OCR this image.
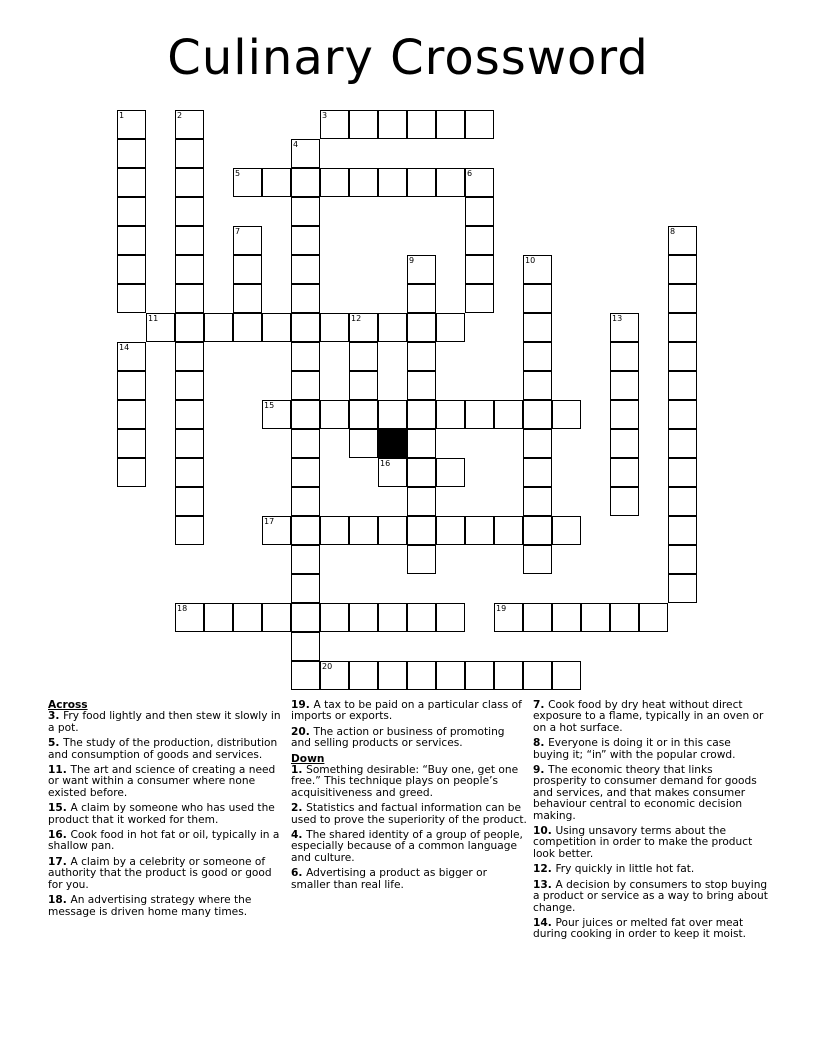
Culinary Crossword
3
5	6
11	12
15
16
17
18	19
20
1	2
4
7	8
9	10
13
14
Across
3. Fry food lightly and then stew it slowly in a pot.
5. The study of the production, distribution and consumption of goods and services.
11. The art and science of creating a need or want within a consumer where none existed before.
15. A claim by someone who has used the product that it worked for them.
16. Cook food in hot fat or oil, typically in a shallow pan.
17. A claim by a celebrity or someone of authority that the product is good or good for you.
18. An advertising strategy where the message is driven home many times.
19. A tax to be paid on a particular class of imports or exports.
20. The action or business of promoting and selling products or services.
Down
1. Something desirable: “Buy one, get one free.” This technique plays on people’s acquisitiveness and greed.
2. Statistics and factual information can be used to prove the superiority of the product.
4. The shared identity of a group of people, especially because of a common language and culture.
6. Advertising a product as bigger or smaller than real life.
7. Cook food by dry heat without direct exposure to a flame, typically in an oven or on a hot surface.
8. Everyone is doing it or in this case buying it; “in” with the popular crowd.
9. The economic theory that links prosperity to consumer demand for goods and services, and that makes consumer behaviour central to economic decision making.
10. Using unsavory terms about the competition in order to make the product look better.
12. Fry quickly in little hot fat.
13. A decision by consumers to stop buying a product or service as a way to bring about change.
14. Pour juices or melted fat over meat during cooking in order to keep it moist.
